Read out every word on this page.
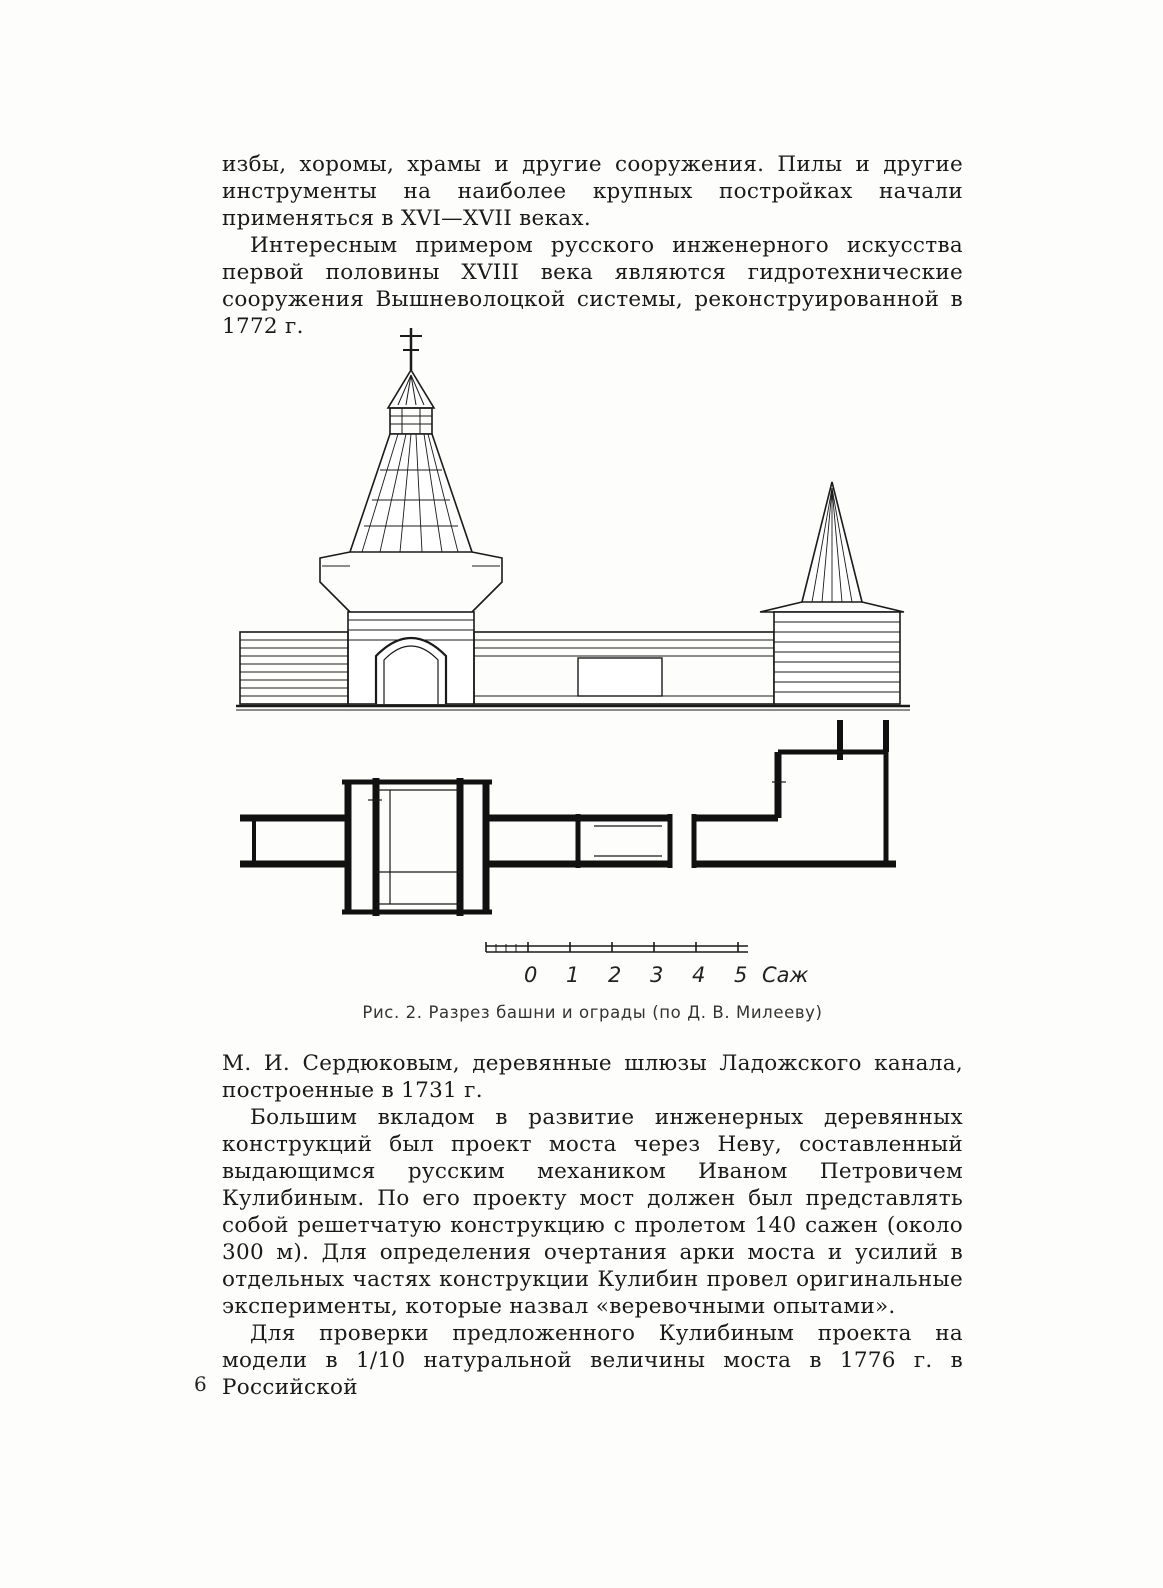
избы, хоромы, храмы и другие сооружения. Пилы и другие инструменты на наиболее крупных постройках начали применяться в XVI—XVII веках.

Интересным примером русского инженерного искусства первой половины XVIII века являются гидротехнические сооружения Вышневолоцкой системы, реконструированной в 1772 г.

0 1 2 3 4 5 Саж
Рис. 2. Разрез башни и ограды (по Д. В. Милееву)

М. И. Сердюковым, деревянные шлюзы Ладожского канала, построенные в 1731 г.

Большим вкладом в развитие инженерных деревянных конструкций был проект моста через Неву, составленный выдающимся русским механиком Иваном Петровичем Кулибиным. По его проекту мост должен был представлять собой решетчатую конструкцию с пролетом 140 сажен (около 300 м). Для определения очертания арки моста и усилий в отдельных частях конструкции Кулибин провел оригинальные эксперименты, которые назвал «веревочными опытами».

Для проверки предложенного Кулибиным проекта на модели в 1/10 натуральной величины моста в 1776 г. в Российской

6
